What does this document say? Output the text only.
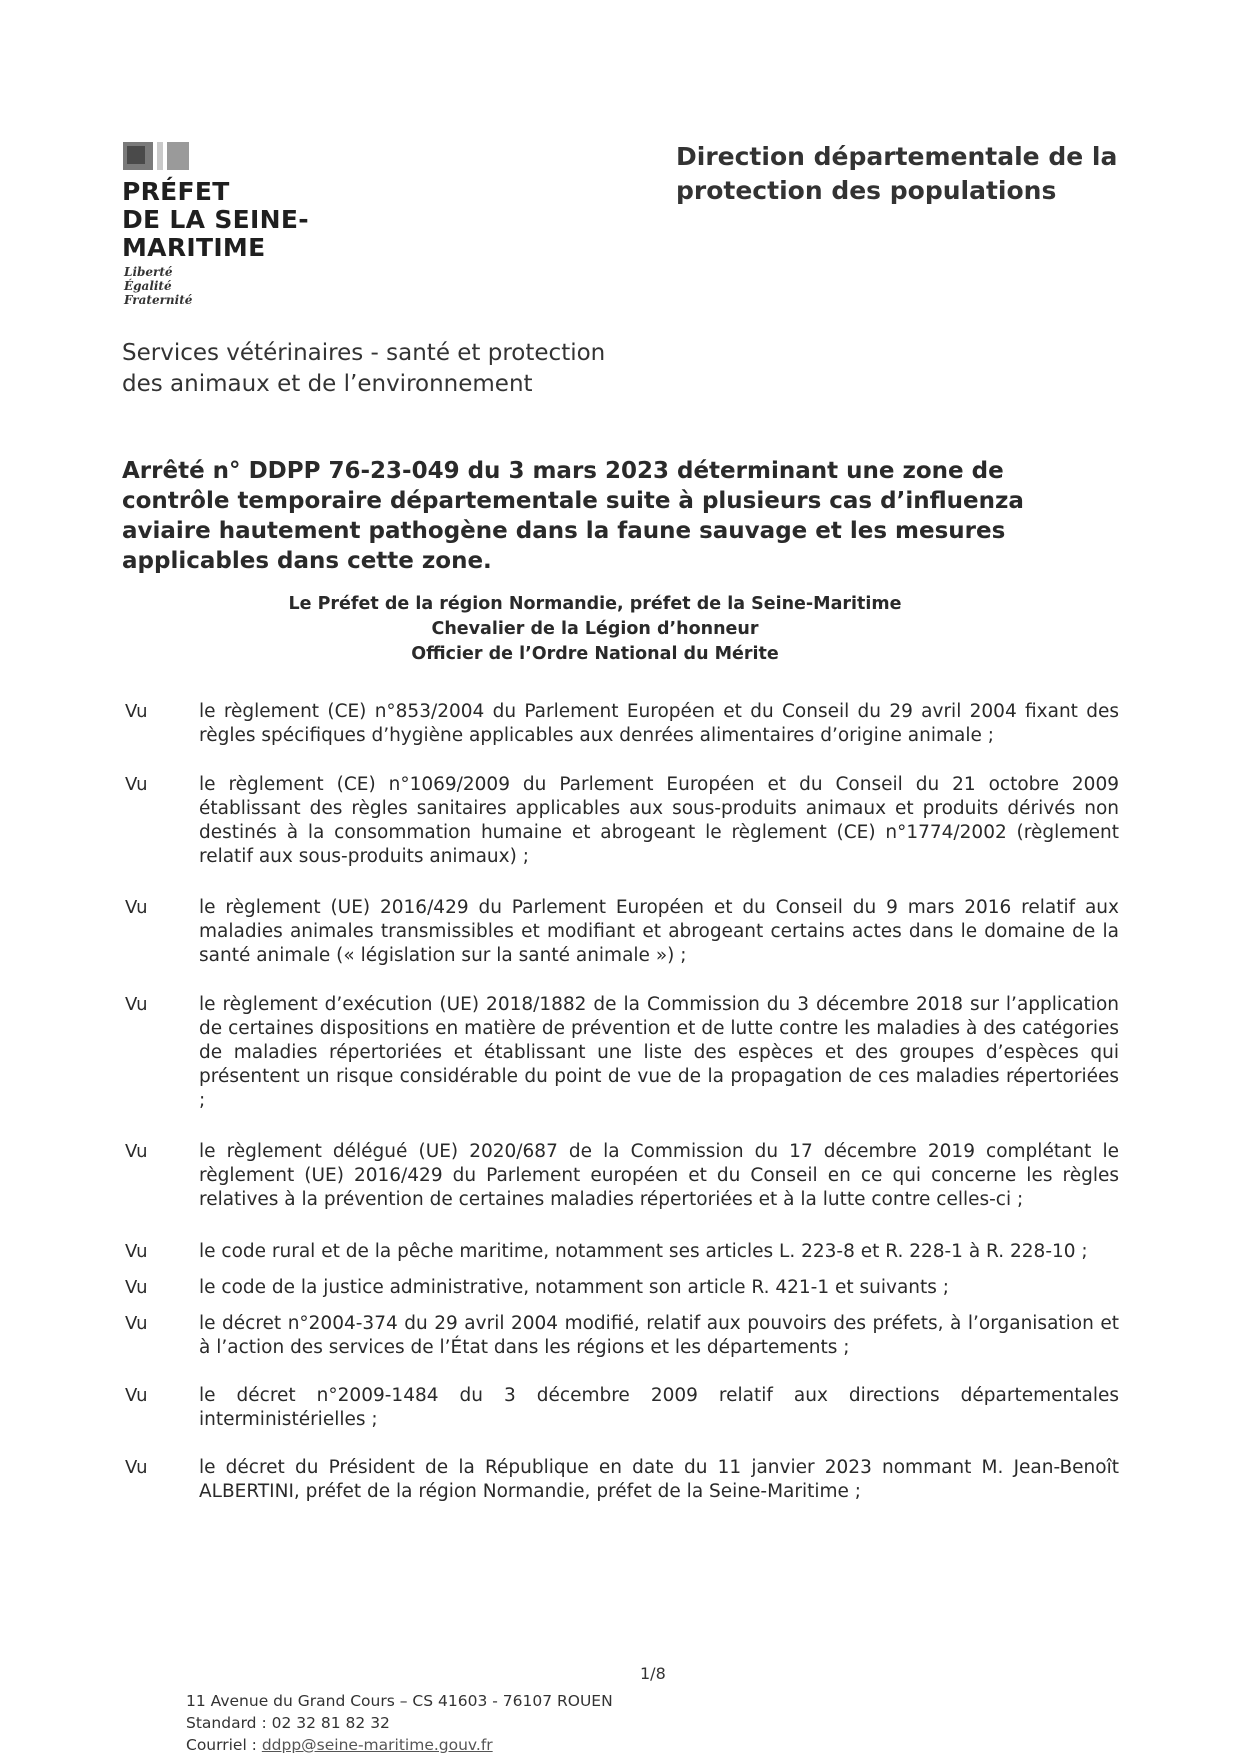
PRÉFET
DE LA SEINE-
MARITIME
Liberté
Égalité
Fraternité
Direction départementale de la protection des populations
Services vétérinaires - santé et protection des animaux et de l’environnement
Arrêté n° DDPP 76-23-049 du 3 mars 2023 déterminant une zone de contrôle temporaire départementale suite à plusieurs cas d’influenza aviaire hautement pathogène dans la faune sauvage et les mesures applicables dans cette zone.
Le Préfet de la région Normandie, préfet de la Seine-Maritime
Chevalier de la Légion d’honneur
Officier de l’Ordre National du Mérite
Vu	le règlement (CE) n°853/2004 du Parlement Européen et du Conseil du 29 avril 2004 fixant des règles spécifiques d’hygiène applicables aux denrées alimentaires d’origine animale ;
Vu	le règlement (CE) n°1069/2009 du Parlement Européen et du Conseil du 21 octobre 2009 établissant des règles sanitaires applicables aux sous-produits animaux et produits dérivés non destinés à la consommation humaine et abrogeant le règlement (CE) n°1774/2002 (règlement relatif aux sous-produits animaux) ;
Vu	le règlement (UE) 2016/429 du Parlement Européen et du Conseil du 9 mars 2016 relatif aux maladies animales transmissibles et modifiant et abrogeant certains actes dans le domaine de la santé animale (« législation sur la santé animale ») ;
Vu	le règlement d’exécution (UE) 2018/1882 de la Commission du 3 décembre 2018 sur l’application de certaines dispositions en matière de prévention et de lutte contre les maladies à des catégories de maladies répertoriées et établissant une liste des espèces et des groupes d’espèces qui présentent un risque considérable du point de vue de la propagation de ces maladies répertoriées ;
Vu	le règlement délégué (UE) 2020/687 de la Commission du 17 décembre 2019 complétant le règlement (UE) 2016/429 du Parlement européen et du Conseil en ce qui concerne les règles relatives à la prévention de certaines maladies répertoriées et à la lutte contre celles-ci ;
Vu	le code rural et de la pêche maritime, notamment ses articles L. 223-8 et R. 228-1 à R. 228-10 ;
Vu	le code de la justice administrative, notamment son article R. 421-1 et suivants ;
Vu	le décret n°2004-374 du 29 avril 2004 modifié, relatif aux pouvoirs des préfets, à l’organisation et à l’action des services de l’État dans les régions et les départements ;
Vu	le décret n°2009-1484 du 3 décembre 2009 relatif aux directions départementales interministérielles ;
Vu	le décret du Président de la République en date du 11 janvier 2023 nommant M. Jean-Benoît ALBERTINI, préfet de la région Normandie, préfet de la Seine-Maritime ;
1/8
11 Avenue du Grand Cours – CS 41603 - 76107 ROUEN
Standard : 02 32 81 82 32
Courriel : ddpp@seine-maritime.gouv.fr
